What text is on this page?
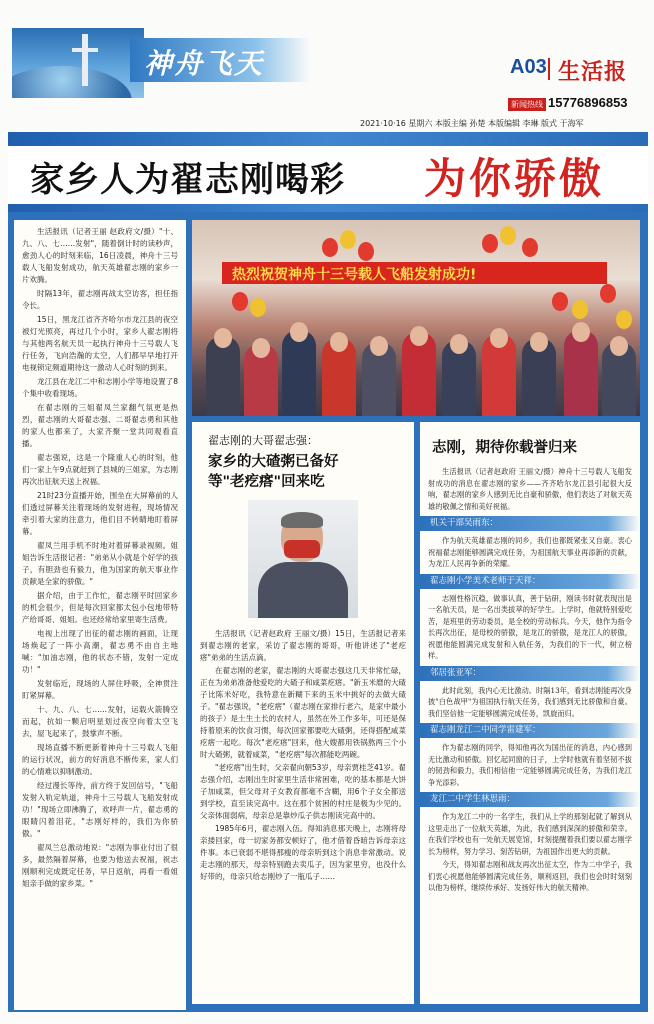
神舟飞天	A03 生活报
新闻热线 15776896853
2021·10·16 星期六 本版主编 孙楚 本版编辑 李琳 版式 于海军
家乡人为翟志刚喝彩 为你骄傲

生活报讯（记者王丽 赵政府文/摄）"十、九、八、七……发射"，随着倒计时的读秒声，愈劲人心的时刻来临，16日凌晨，神舟十三号载人飞船发射成功，航天英雄翟志刚的家乡一片欢腾。

时隔13年，翟志刚再战太空访客，担任指令长。

15日，黑龙江省齐齐哈尔市龙江县的夜空被灯光照亮，再过几个小时，家乡人翟志刚将与其他两名航天员一起执行神舟十三号载人飞行任务，飞向浩瀚的太空，人们都早早地打开电视锁定频道期待这一激动人心时刻的到来。

龙江县在龙江二中和志刚小学等地设置了8个集中收看现场。

在翟志刚的三姐翟凤兰家翻气氛更是热烈，翟志刚的大哥翟志强、二哥翟志勇和其他的家人也都来了，大家齐聚一堂共同观看直播。

翟志强说，这是一个隆重人心的时刻，他们一家上午9点就赶到了县城的三姐家，为志刚再次出征航天送上祝福。

21时23分直播开始，围坐在大屏幕前的人们透过屏幕关注着现场的发射进程，现场情况牵引着大家的注意力，他们目不转睛地盯着屏幕。

翟凤兰用手机不时地对着屏幕录视频。姐姐告诉生活报记者："弟弟从小就是个好学的孩子，有胆劲也有毅力，他为国家的航天事业作贡献是全家的骄傲。"

据介绍，由于工作忙，翟志刚平时回家乡的机会很少，但是每次回家都太包小包地带特产给哥哥、姐姐。也还经常给家里寄生活费。

电视上出现了出征的翟志刚的画面，让现场焕起了一阵小高潮，翟志勇不由自主地喊："加油志刚，他的状态不错，发射一定成功！"

发射临近，现场的人屏住呼吸，全神贯注盯紧屏幕。

十、九、八、七……发射，运载火箭腾空而起，抗如一颗启明星划过夜空向着太空飞去，屋飞起来了，鼓掌声不断。

现场直播不断更新着神舟十三号载人飞船的运行状况，前方的好消息不断传来，家人们的心情难以抑制激动。

经过漫长等待，前方终于发回信号，"飞船发射入轨定轨道，神舟十三号载人飞船发射成功！"现场立即沸腾了，欢呼声一片，翟志勇的眼睛闪着泪花，"志刚好样的，我们为你骄傲。"

翟凤兰总激动地说："志刚为事业付出了很多，最然隔着屏幕，也要为他送去祝福，祝志刚顺利完成既定任务，早日返航，再看一看姐姐亲手做的家乡菜。"

热烈祝贺神舟十三号载人飞船发射成功!
翟志刚的大哥翟志强：
家乡的大碴粥已备好
等"老疙瘩"回来吃

生活报讯（记者赵政府 王丽文/摄）15日，生活报记者来到翟志刚的老家，采访了翟志刚的哥哥，听他讲述了"老疙瘩"弟弟的生活点滴。

在翟志刚的老家，翟志刚的大哥翟志强这几天非常忙碌，正在为弟弟准备他爱吃的大碴子和咸菜疙瘩。"新玉米磨的大碴子比陈米好吃，我特意在新糊下来的玉米中挑好的去做大碴子。"翟志强说，"老疙瘩"（翟志刚在家排行老六，是家中最小的孩子）是土生土长的农村人，虽然在外工作多年，可还是保持着原来的饮食习惯，每次回家都要吃大碴粥，还得搭配咸菜疙瘩一起吃。每次"老疙瘩"回来，他大嫂都用铁锅熬两三个小时大碴粥，就着咸菜，"老疙瘩"每次都能吃两碗。

"老疙瘩"出生时，父亲翟向朝53岁，母亲贾桂芝41岁。翟志强介绍，志刚出生时家里生活非常困难，吃的基本都是大饼子加咸菜，但父母对子女教育都毫不含糊，用6个子女全都送到学校，直至读完高中。这在那个贫困的村庄是极为少见的。父亲体面弱病，母亲总是靠炒瓜子供志刚读完高中的。

1985年6月，翟志刚入伍。得知消息那天晚上，志刚将母亲搂回家，母一切家务都安顿好了，他才借着昏暗告诉母亲这件事。本已衰弱不堪得那瘦的母亲听到这个消息非常激动。说走志刚的那天，母亲特别跑去卖瓜子，因为家里穷，也没什么好带的，母亲只给志刚炒了一瓶瓜子……

志刚，期待你载誉归来

生活报讯（记者赵政府 王丽文/摄）神舟十三号载人飞船发射成功的消息在翟志刚的家乡——齐齐哈尔龙江县引起很大反响，翟志刚的家乡人感到无比自豪和骄傲，他们表达了对航天英雄的敬佩之情和美好祝福。

机关干部吴雨东：

作为航天英雄翟志刚的同乡，我们也都既紧张又自豪。衷心祝福翟志刚能够圆满完成任务，为祖国航天事业再添新的贡献，为龙江人民再争新的荣耀。

翟志刚小学美术老师于天祥：

志刚性格沉稳，做事认真，善于钻研，刚读书时就表现出是一名航天员，是一名出类拔萃的好学生。上学时，他就特别爱吃苦，是班里的劳动委员，是全校的劳动标兵。今天，他作为指令长再次出征，是母校的骄傲，是龙江的骄傲，是龙江人的骄傲，祝愿他能圆满完成发射和入轨任务，为我们的下一代，树立榜样。

邻居张亚军：

此时此刻，我内心无比激动。时隔13年，看到志刚能再次身披"白色战甲"为祖国执行航天任务，我们感到无比骄傲和自豪。我们坚信他一定能够圆满完成任务，凯旋而归。

翟志刚龙江二中同学雷建军：

作为翟志刚的同学，得知他再次为国出征的消息，内心感到无比激动和骄傲。回忆起同窗的日子，上学时他就有着坚韧不拔的韧劲和毅力，我们相信他一定能够圆满完成任务，为我们龙江争光添彩。

龙江二中学生林思雨：

作为龙江二中的一名学生，我们从上学的那刻起就了解到从这里走出了一位航天英雄，为此，我们感到深深的骄傲和荣幸。在我们学校也有一处航天展览馆，时刻提醒着我们要以翟志刚学长为榜样，努力学习、刻苦钻研，为祖国作出更大的贡献。

今天，得知翟志刚和战友再次出征太空，作为二中学子，我们衷心祝愿他能够圆满完成任务，顺利返回，我们也会时时刻刻以他为榜样，继续传承好、发扬好伟大的航天精神。
